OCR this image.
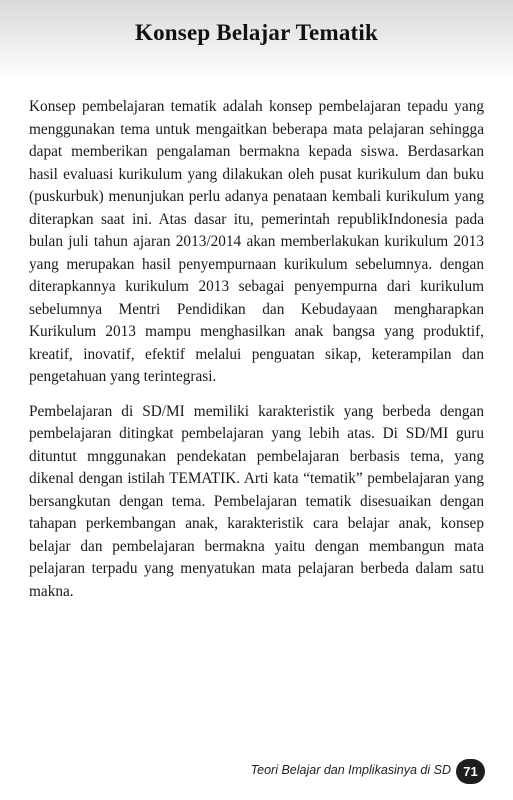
Konsep Belajar Tematik

Konsep pembelajaran tematik adalah konsep pembelajaran tepadu yang menggunakan tema untuk mengaitkan beberapa mata pelajaran sehingga dapat memberikan pengalaman bermakna kepada siswa. Berdasarkan hasil evaluasi kurikulum yang dilakukan oleh pusat kurikulum dan buku (puskurbuk) menunjukan perlu adanya penataan kembali kurikulum yang diterapkan saat ini. Atas dasar itu, pemerintah republikIndonesia pada bulan juli tahun ajaran 2013/2014 akan memberlakukan kurikulum 2013 yang merupakan hasil penyempurnaan kurikulum sebelumnya. dengan diterapkannya kurikulum 2013 sebagai penyempurna dari kurikulum sebelumnya Mentri Pendidikan dan Kebudayaan mengharapkan Kurikulum 2013 mampu menghasilkan anak bangsa yang produktif, kreatif, inovatif, efektif melalui penguatan sikap, keterampilan dan pengetahuan yang terintegrasi.

Pembelajaran di SD/MI memiliki karakteristik yang berbeda dengan pembelajaran ditingkat pembelajaran yang lebih atas. Di SD/MI guru dituntut mnggunakan pendekatan pembelajaran berbasis tema, yang dikenal dengan istilah TEMATIK. Arti kata “tematik” pembelajaran yang bersangkutan dengan tema. Pembelajaran tematik disesuaikan dengan tahapan perkembangan anak, karakteristik cara belajar anak, konsep belajar dan pembelajaran bermakna yaitu dengan membangun mata pelajaran terpadu yang menyatukan mata pelajaran berbeda dalam satu makna.

Teori Belajar dan Implikasinya di SD 71
